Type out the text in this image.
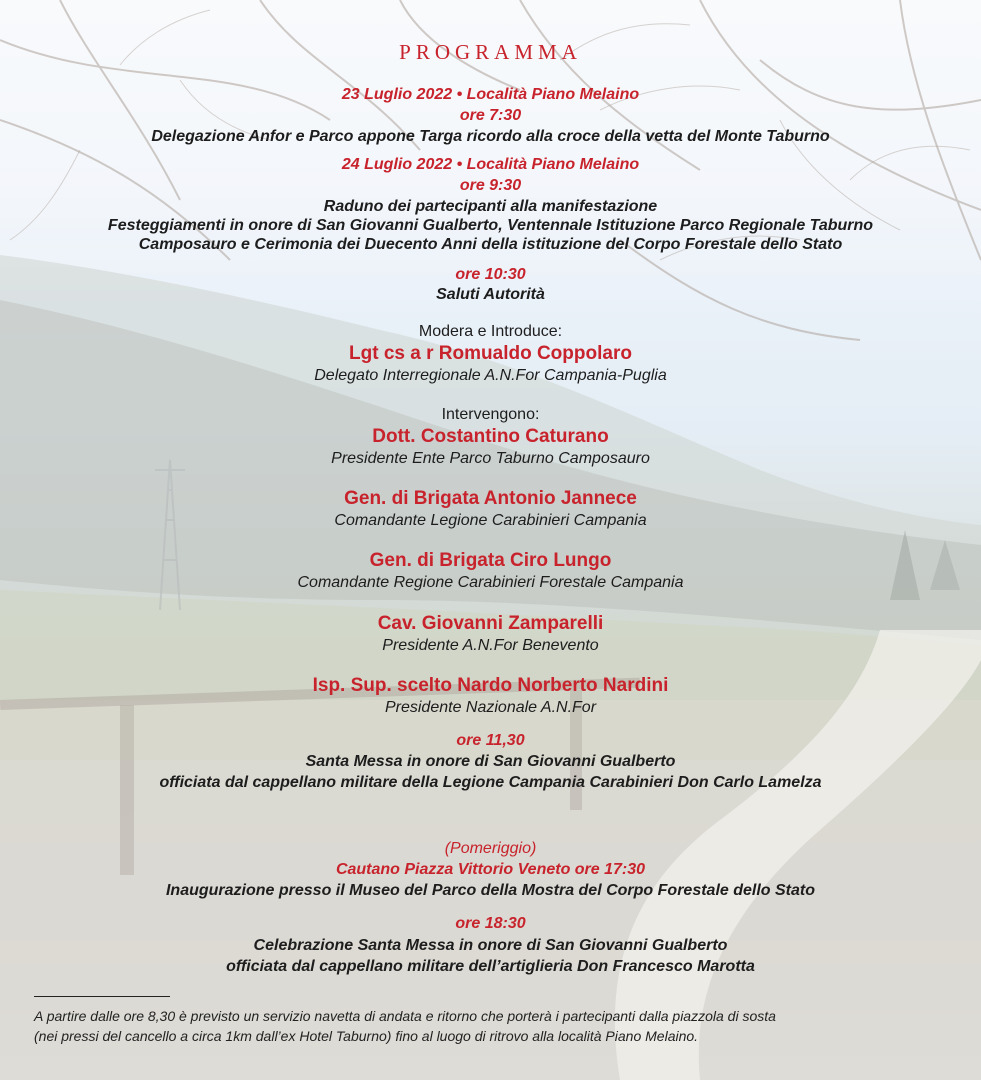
PROGRAMMA
23 Luglio 2022 • Località Piano Melaino
ore 7:30
Delegazione Anfor e Parco appone Targa ricordo alla croce della vetta del Monte Taburno
24 Luglio 2022 • Località Piano Melaino
ore 9:30
Raduno dei partecipanti alla manifestazione
Festeggiamenti in onore di San Giovanni Gualberto, Ventennale Istituzione Parco Regionale Taburno
Camposauro e Cerimonia dei Duecento Anni della istituzione del Corpo Forestale dello Stato
ore 10:30
Saluti Autorità
Modera e Introduce:
Lgt cs a r Romualdo Coppolaro
Delegato Interregionale A.N.For Campania-Puglia
Intervengono:
Dott. Costantino Caturano
Presidente Ente Parco Taburno Camposauro
Gen. di Brigata Antonio Jannece
Comandante Legione Carabinieri Campania
Gen. di Brigata Ciro Lungo
Comandante Regione Carabinieri Forestale Campania
Cav. Giovanni Zamparelli
Presidente A.N.For Benevento
Isp. Sup. scelto Nardo Norberto Nardini
Presidente Nazionale A.N.For
ore 11,30
Santa Messa in onore di San Giovanni Gualberto
officiata dal cappellano militare della Legione Campania Carabinieri Don Carlo Lamelza
(Pomeriggio)
Cautano Piazza Vittorio Veneto ore 17:30
Inaugurazione presso il Museo del Parco della Mostra del Corpo Forestale dello Stato
ore 18:30
Celebrazione Santa Messa in onore di San Giovanni Gualberto
officiata dal cappellano militare dell’artiglieria Don Francesco Marotta
A partire dalle ore 8,30 è previsto un servizio navetta di andata e ritorno che porterà i partecipanti dalla piazzola di sosta
(nei pressi del cancello a circa 1km dall’ex Hotel Taburno) fino al luogo di ritrovo alla località Piano Melaino.
